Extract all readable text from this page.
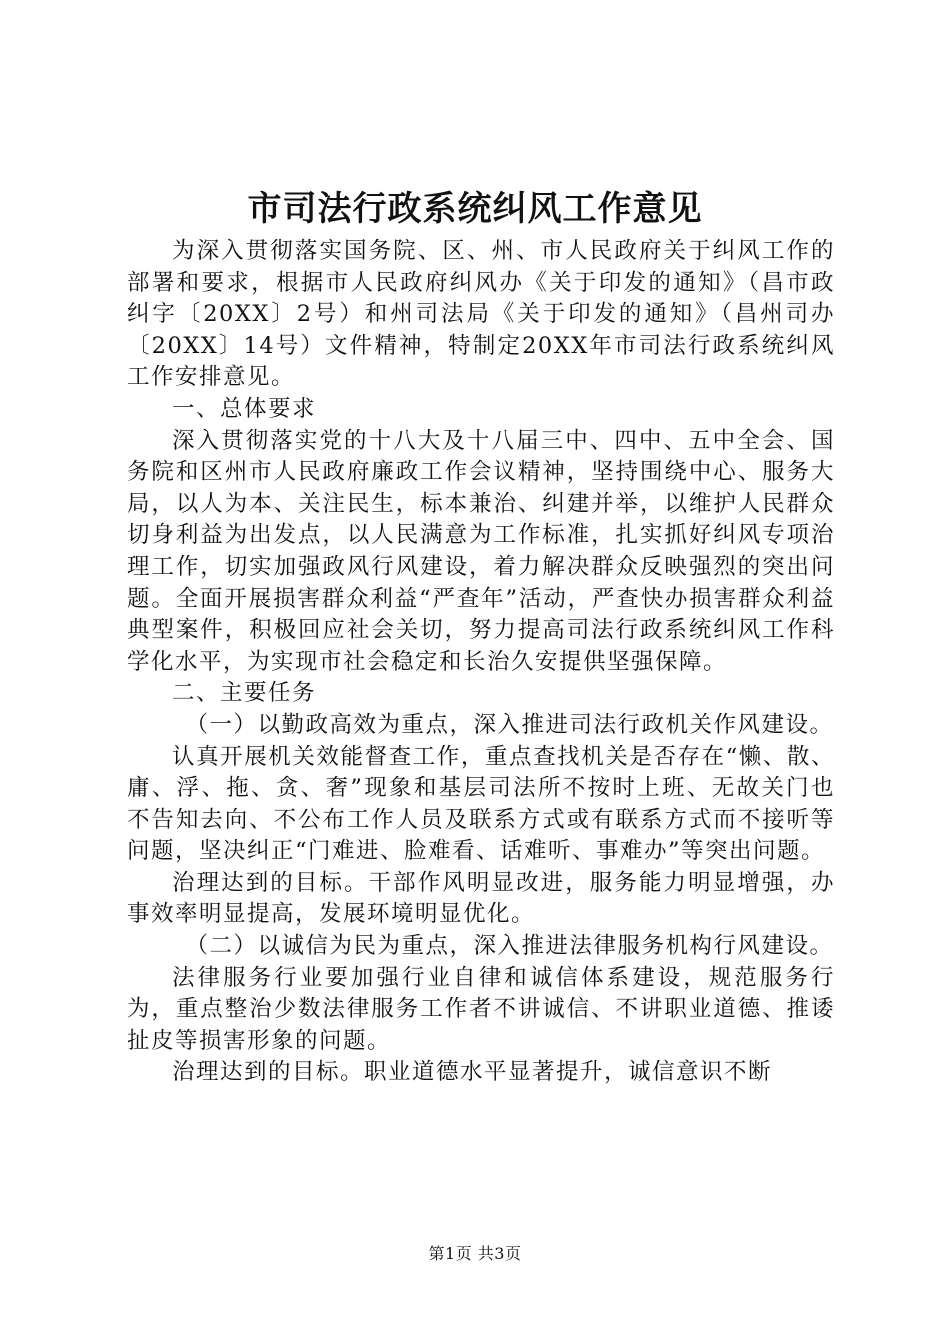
市司法行政系统纠风工作意见

为深入贯彻落实国务院、区、州、市人民政府关于纠风工作的部署和要求，根据市人民政府纠风办《关于印发的通知》（昌市政纠字〔20XX〕2号）和州司法局《关于印发的通知》（昌州司办〔20XX〕14号）文件精神，特制定20XX年市司法行政系统纠风工作安排意见。

一、总体要求

深入贯彻落实党的十八大及十八届三中、四中、五中全会、国务院和区州市人民政府廉政工作会议精神，坚持围绕中心、服务大局，以人为本、关注民生，标本兼治、纠建并举，以维护人民群众切身利益为出发点，以人民满意为工作标准，扎实抓好纠风专项治理工作，切实加强政风行风建设，着力解决群众反映强烈的突出问题。全面开展损害群众利益“严查年”活动，严查快办损害群众利益典型案件，积极回应社会关切，努力提高司法行政系统纠风工作科学化水平，为实现市社会稳定和长治久安提供坚强保障。

二、主要任务

（一）以勤政高效为重点，深入推进司法行政机关作风建设。

认真开展机关效能督查工作，重点查找机关是否存在“懒、散、庸、浮、拖、贪、奢”现象和基层司法所不按时上班、无故关门也不告知去向、不公布工作人员及联系方式或有联系方式而不接听等问题，坚决纠正“门难进、脸难看、话难听、事难办”等突出问题。

治理达到的目标。干部作风明显改进，服务能力明显增强，办事效率明显提高，发展环境明显优化。

（二）以诚信为民为重点，深入推进法律服务机构行风建设。

法律服务行业要加强行业自律和诚信体系建设，规范服务行为，重点整治少数法律服务工作者不讲诚信、不讲职业道德、推诿扯皮等损害形象的问题。

治理达到的目标。职业道德水平显著提升，诚信意识不断

第1页 共3页
